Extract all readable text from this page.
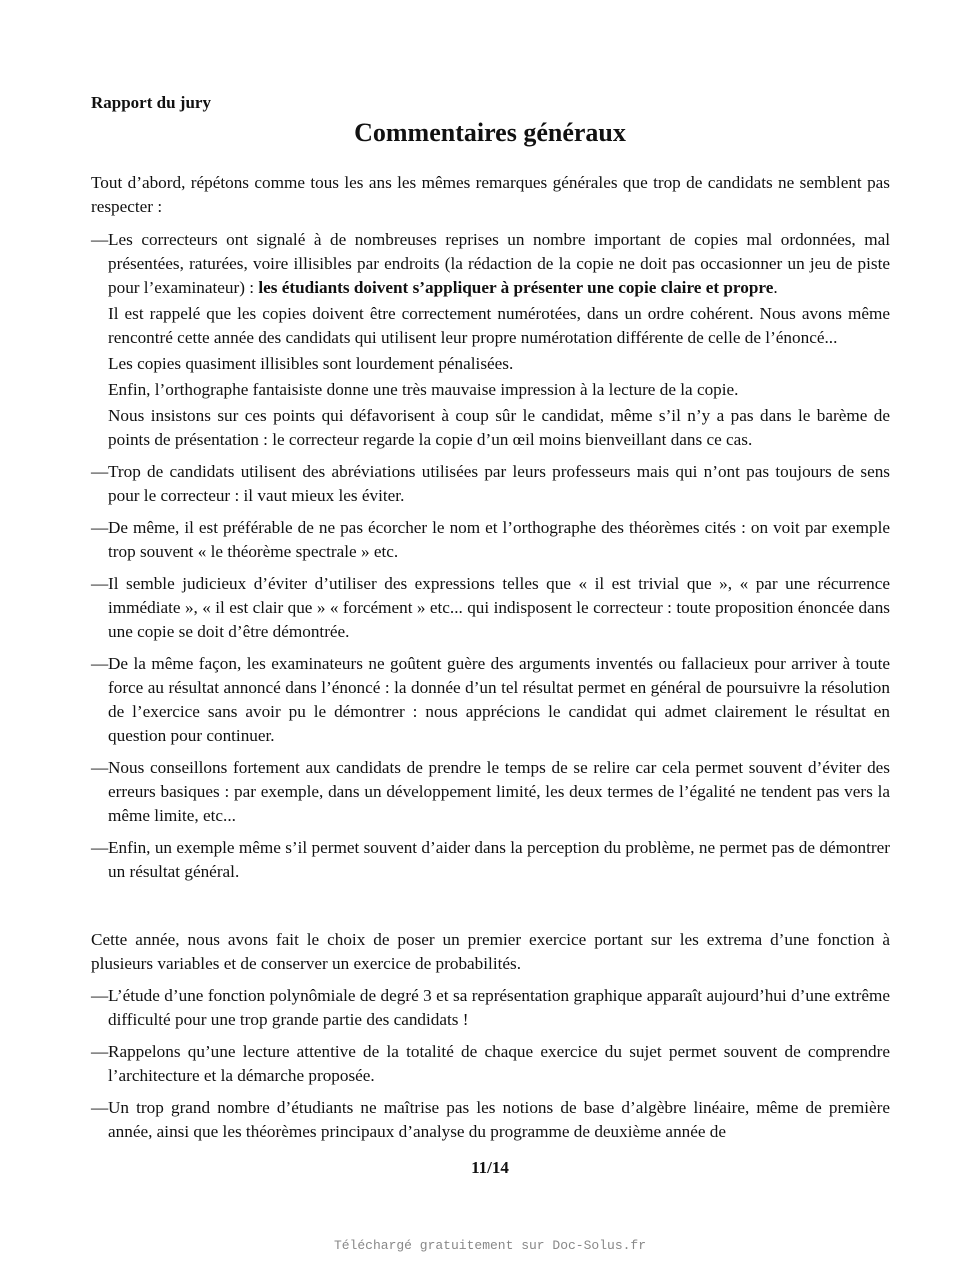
Rapport du jury
Commentaires généraux
Tout d’abord, répétons comme tous les ans les mêmes remarques générales que trop de candidats ne semblent pas respecter :
— Les correcteurs ont signalé à de nombreuses reprises un nombre important de copies mal ordonnées, mal présentées, raturées, voire illisibles par endroits (la rédaction de la copie ne doit pas occasionner un jeu de piste pour l’examinateur) : les étudiants doivent s’appliquer à présenter une copie claire et propre.

Il est rappelé que les copies doivent être correctement numérotées, dans un ordre cohérent. Nous avons même rencontré cette année des candidats qui utilisent leur propre numérotation différente de celle de l’énoncé...

Les copies quasiment illisibles sont lourdement pénalisées.

Enfin, l’orthographe fantaisiste donne une très mauvaise impression à la lecture de la copie.

Nous insistons sur ces points qui défavorisent à coup sûr le candidat, même s’il n’y a pas dans le barème de points de présentation : le correcteur regarde la copie d’un œil moins bienveillant dans ce cas.

— Trop de candidats utilisent des abréviations utilisées par leurs professeurs mais qui n’ont pas toujours de sens pour le correcteur : il vaut mieux les éviter.

— De même, il est préférable de ne pas écorcher le nom et l’orthographe des théorèmes cités : on voit par exemple trop souvent « le théorème spectrale » etc.

— Il semble judicieux d’éviter d’utiliser des expressions telles que « il est trivial que », « par une récurrence immédiate », « il est clair que » « forcément » etc... qui indisposent le correcteur : toute proposition énoncée dans une copie se doit d’être démontrée.

— De la même façon, les examinateurs ne goûtent guère des arguments inventés ou fallacieux pour arriver à toute force au résultat annoncé dans l’énoncé : la donnée d’un tel résultat permet en général de poursuivre la résolution de l’exercice sans avoir pu le démontrer : nous apprécions le candidat qui admet clairement le résultat en question pour continuer.

— Nous conseillons fortement aux candidats de prendre le temps de se relire car cela permet souvent d’éviter des erreurs basiques : par exemple, dans un développement limité, les deux termes de l’égalité ne tendent pas vers la même limite, etc...

— Enfin, un exemple même s’il permet souvent d’aider dans la perception du problème, ne permet pas de démontrer un résultat général.

Cette année, nous avons fait le choix de poser un premier exercice portant sur les extrema d’une fonction à plusieurs variables et de conserver un exercice de probabilités.
— L’étude d’une fonction polynômiale de degré 3 et sa représentation graphique apparaît aujourd’hui d’une extrême difficulté pour une trop grande partie des candidats !

— Rappelons qu’une lecture attentive de la totalité de chaque exercice du sujet permet souvent de comprendre l’architecture et la démarche proposée.

— Un trop grand nombre d’étudiants ne maîtrise pas les notions de base d’algèbre linéaire, même de première année, ainsi que les théorèmes principaux d’analyse du programme de deuxième année de

11/14
Téléchargé gratuitement sur Doc-Solus.fr
